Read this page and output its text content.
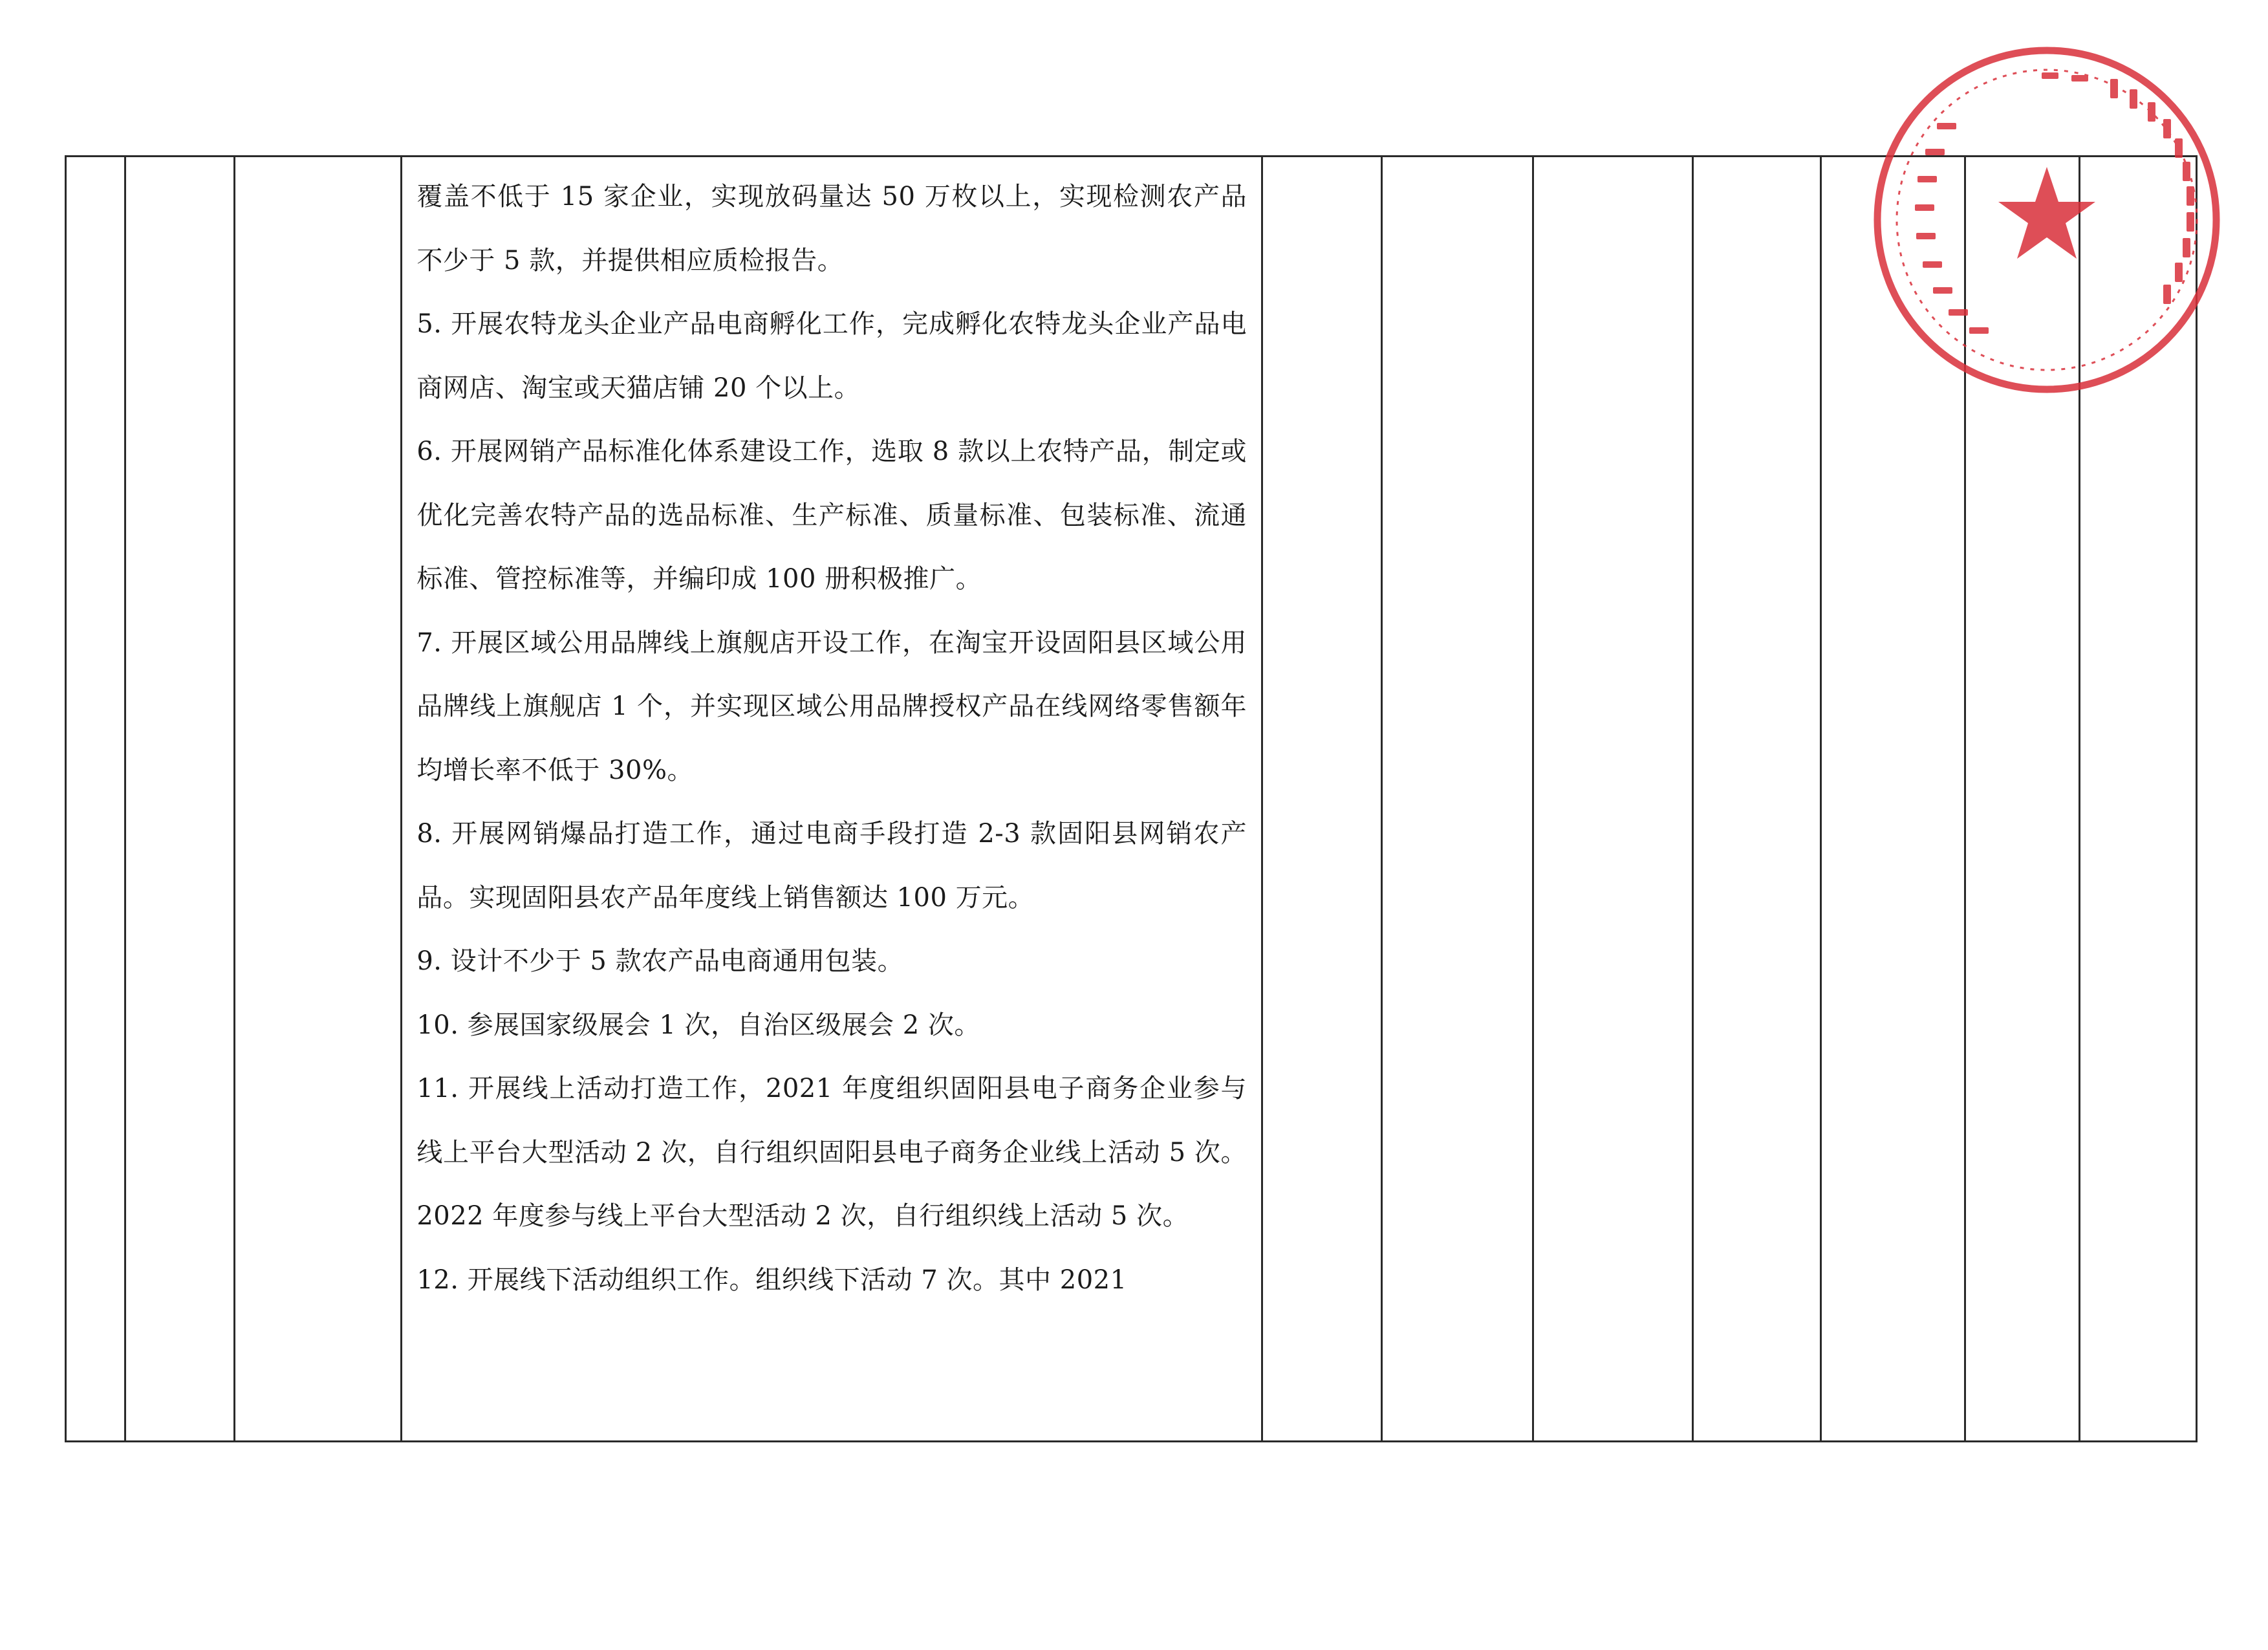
覆盖不低于 15 家企业，实现放码量达 50 万枚以上，实现检测农产品不少于 5 款，并提供相应质检报告。

5. 开展农特龙头企业产品电商孵化工作，完成孵化农特龙头企业产品电商网店、淘宝或天猫店铺 20 个以上。

6. 开展网销产品标准化体系建设工作，选取 8 款以上农特产品，制定或优化完善农特产品的选品标准、生产标准、质量标准、包装标准、流通标准、管控标准等，并编印成 100 册积极推广。

7. 开展区域公用品牌线上旗舰店开设工作，在淘宝开设固阳县区域公用品牌线上旗舰店 1 个，并实现区域公用品牌授权产品在线网络零售额年均增长率不低于 30%。

8. 开展网销爆品打造工作，通过电商手段打造 2-3 款固阳县网销农产品。实现固阳县农产品年度线上销售额达 100 万元。

9. 设计不少于 5 款农产品电商通用包装。

10. 参展国家级展会 1 次，自治区级展会 2 次。

11. 开展线上活动打造工作，2021 年度组织固阳县电子商务企业参与线上平台大型活动 2 次，自行组织固阳县电子商务企业线上活动 5 次。2022 年度参与线上平台大型活动 2 次，自行组织线上活动 5 次。

12. 开展线下活动组织工作。组织线下活动 7 次。其中 2021
